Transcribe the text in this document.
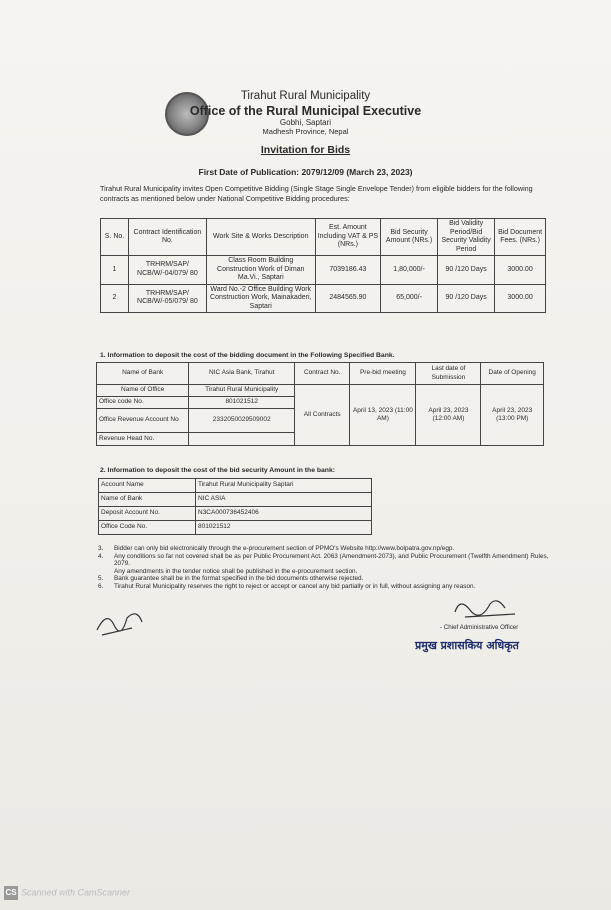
Tirahut Rural Municipality
Office of the Rural Municipal Executive
Gobhi, Saptari
Madhesh Province, Nepal
Invitation for Bids
First Date of Publication: 2079/12/09 (March 23, 2023)
Tirahut Rural Municipality invites Open Competitive Bidding (Single Stage Single Envelope Tender) from eligible bidders for the following contracts as mentioned below under National Competitive Bidding procedures:
S. No.	Contract Identification No.	Work Site & Works Description	Est. Amount Including VAT & PS (NRs.)	Bid Security Amount (NRs.)	Bid Validity Period/Bid Security Validity Period	Bid Document Fees. (NRs.)
1	TRHRM/SAP/ NCB/W/-04/079/ 80	Class Room Building Construction Work of Diman Ma.Vi., Saptari	7039186.43	1,80,000/-	90 /120 Days	3000.00
2	TRHRM/SAP/ NCB/W/-05/079/ 80	Ward No.-2 Office Building Work Construction Work, Mainakaderi, Saptari	2484565.90	65,000/-	90 /120 Days	3000.00
1. Information to deposit the cost of the bidding document in the Following Specified Bank.
Name of Bank	NIC Asia Bank, Tirahut	Contract No.	Pre-bid meeting	Last date of Submission	Date of Opening
Name of Office	Tirahut Rural Municipality	All Contracts	April 13, 2023 (11:00 AM)	April 23, 2023 (12:00 AM)	April 23, 2023 (13:00 PM)
Office code No.	801021512				
Office Revenue Account No	2332050029509002				
Revenue Head No.					
2. Information to deposit the cost of the bid security Amount in the bank:
Account Name	Tirahut Rural Municipality Saptari
Name of Bank	NIC ASIA
Deposit Account No.	N3CA000736452406
Office Code No.	801021512
3.	Bidder can only bid electronically through the e-procurement section of PPMO's Website http://www.bolpatra.gov.np/egp.
4.	Any conditions so far not covered shall be as per Public Procurement Act. 2063 (Amendment-2073), and Public Procurement (Twelfth Amendment) Rules, 2079.
Any amendments in the tender notice shall be published in the e-procurement section.
5.	Bank guarantee shall be in the format specified in the bid documents otherwise rejected.
6.	Tirahut Rural Municipality reserves the right to reject or accept or cancel any bid partially or in full, without assigning any reason.
- Chief Administrative Officer
प्रमुख प्रशासकिय अधिकृत
CS Scanned with CamScanner
